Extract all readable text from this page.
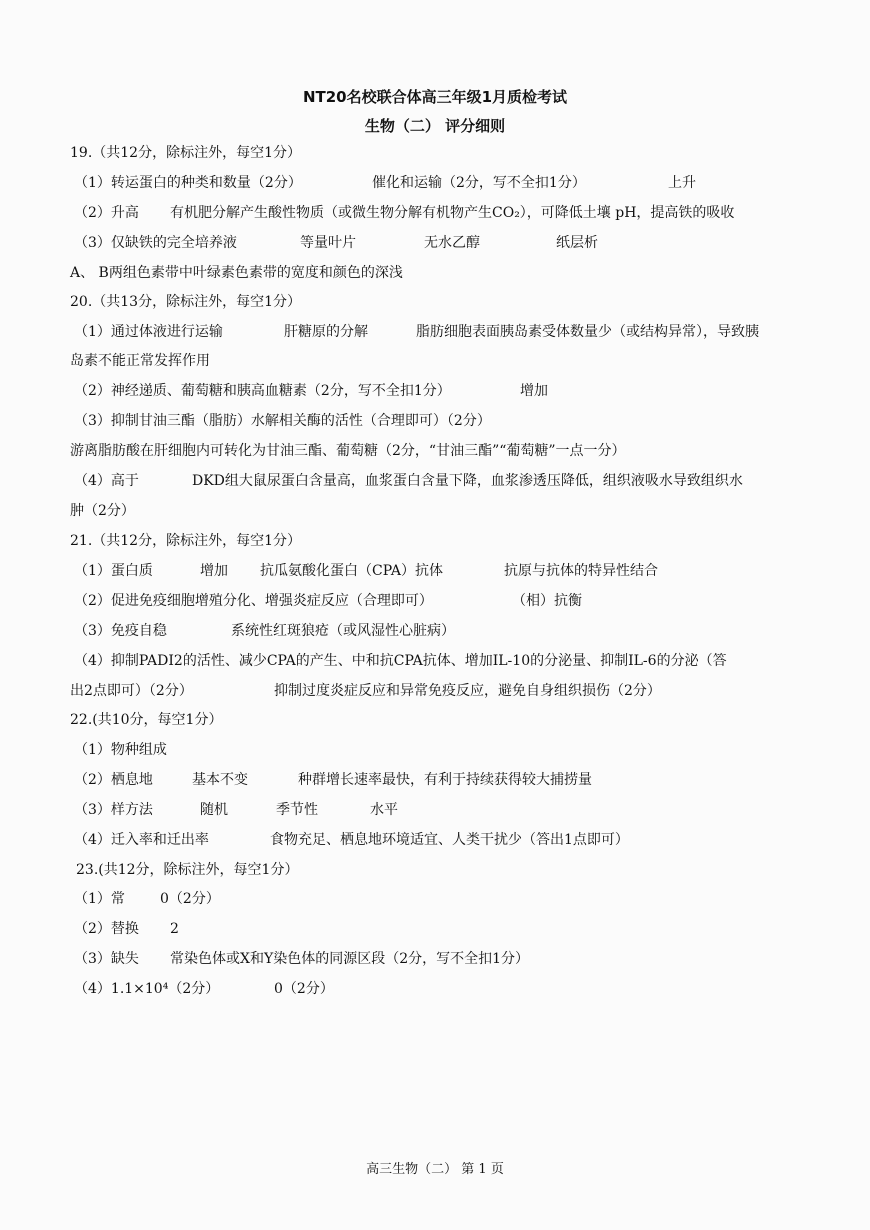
NT20名校联合体高三年级1月质检考试
生物（二） 评分细则
19.（共12分，除标注外，每空1分）
（1）转运蛋白的种类和数量（2分）	催化和运输（2分，写不全扣1分）	上升
（2）升高 有机肥分解产生酸性物质（或微生物分解有机物产生CO₂），可降低土壤 pH，提高铁的吸收
（3）仅缺铁的完全培养液	等量叶片	无水乙醇	纸层析
A、 B两组色素带中叶绿素色素带的宽度和颜色的深浅
20.（共13分，除标注外，每空1分）
（1）通过体液进行运输	肝糖原的分解	脂肪细胞表面胰岛素受体数量少（或结构异常），导致胰
岛素不能正常发挥作用
（2）神经递质、葡萄糖和胰高血糖素（2分，写不全扣1分）	增加
（3）抑制甘油三酯（脂肪）水解相关酶的活性（合理即可）（2分）
游离脂肪酸在肝细胞内可转化为甘油三酯、葡萄糖（2分，“甘油三酯”“葡萄糖”一点一分）
（4）高于	DKD组大鼠尿蛋白含量高，血浆蛋白含量下降，血浆渗透压降低，组织液吸水导致组织水
肿（2分）
21.（共12分，除标注外，每空1分）
（1）蛋白质	增加 抗瓜氨酸化蛋白（CPA）抗体	抗原与抗体的特异性结合
（2）促进免疫细胞增殖分化、增强炎症反应（合理即可）	（相）抗衡
（3）免疫自稳	系统性红斑狼疮（或风湿性心脏病）
（4）抑制PADI2的活性、减少CPA的产生、中和抗CPA抗体、增加IL-10的分泌量、抑制IL-6的分泌（答
出2点即可）（2分）	抑制过度炎症反应和异常免疫反应，避免自身组织损伤（2分）
22.(共10分，每空1分）
（1）物种组成
（2）栖息地	基本不变	种群增长速率最快，有利于持续获得较大捕捞量
（3）样方法	随机	季节性	水平
（4）迁入率和迁出率	食物充足、栖息地环境适宜、人类干扰少（答出1点即可）
23.(共12分，除标注外，每空1分）
（1）常	0（2分）
（2）替换 2
（3）缺失 常染色体或X和Y染色体的同源区段（2分，写不全扣1分）
（4）1.1×10⁴（2分）	0（2分）
高三生物（二） 第 1 页
